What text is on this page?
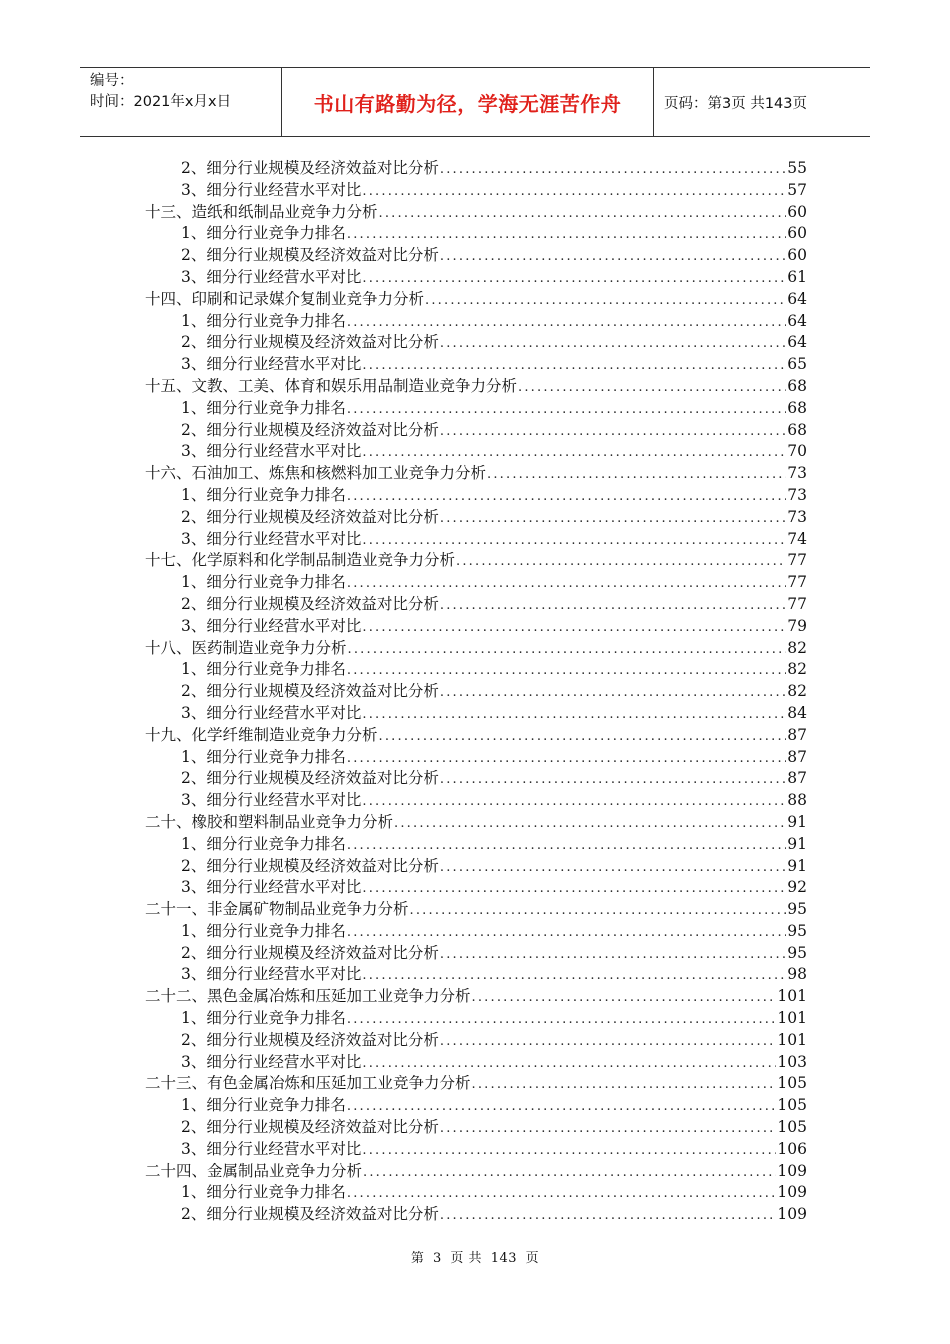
编号：
时间：2021年x月x日	书山有路勤为径，学海无涯苦作舟	页码：第3页 共143页
2、细分行业规模及经济效益对比分析 .....	55
3、细分行业经营水平对比 .....	57
十三、造纸和纸制品业竞争力分析 .....	60
1、细分行业竞争力排名 .....	60
2、细分行业规模及经济效益对比分析 .....	60
3、细分行业经营水平对比 .....	61
十四、印刷和记录媒介复制业竞争力分析 .....	64
1、细分行业竞争力排名 .....	64
2、细分行业规模及经济效益对比分析 .....	64
3、细分行业经营水平对比 .....	65
十五、文教、工美、体育和娱乐用品制造业竞争力分析 .....	68
1、细分行业竞争力排名 .....	68
2、细分行业规模及经济效益对比分析 .....	68
3、细分行业经营水平对比 .....	70
十六、石油加工、炼焦和核燃料加工业竞争力分析 .....	73
1、细分行业竞争力排名 .....	73
2、细分行业规模及经济效益对比分析 .....	73
3、细分行业经营水平对比 .....	74
十七、化学原料和化学制品制造业竞争力分析 .....	77
1、细分行业竞争力排名 .....	77
2、细分行业规模及经济效益对比分析 .....	77
3、细分行业经营水平对比 .....	79
十八、医药制造业竞争力分析 .....	82
1、细分行业竞争力排名 .....	82
2、细分行业规模及经济效益对比分析 .....	82
3、细分行业经营水平对比 .....	84
十九、化学纤维制造业竞争力分析 .....	87
1、细分行业竞争力排名 .....	87
2、细分行业规模及经济效益对比分析 .....	87
3、细分行业经营水平对比 .....	88
二十、橡胶和塑料制品业竞争力分析 .....	91
1、细分行业竞争力排名 .....	91
2、细分行业规模及经济效益对比分析 .....	91
3、细分行业经营水平对比 .....	92
二十一、非金属矿物制品业竞争力分析 .....	95
1、细分行业竞争力排名 .....	95
2、细分行业规模及经济效益对比分析 .....	95
3、细分行业经营水平对比 .....	98
二十二、黑色金属冶炼和压延加工业竞争力分析 .....	101
1、细分行业竞争力排名 .....	101
2、细分行业规模及经济效益对比分析 .....	101
3、细分行业经营水平对比 .....	103
二十三、有色金属冶炼和压延加工业竞争力分析 .....	105
1、细分行业竞争力排名 .....	105
2、细分行业规模及经济效益对比分析 .....	105
3、细分行业经营水平对比 .....	106
二十四、金属制品业竞争力分析 .....	109
1、细分行业竞争力排名 .....	109
2、细分行业规模及经济效益对比分析 .....	109
第 3 页 共 143 页
